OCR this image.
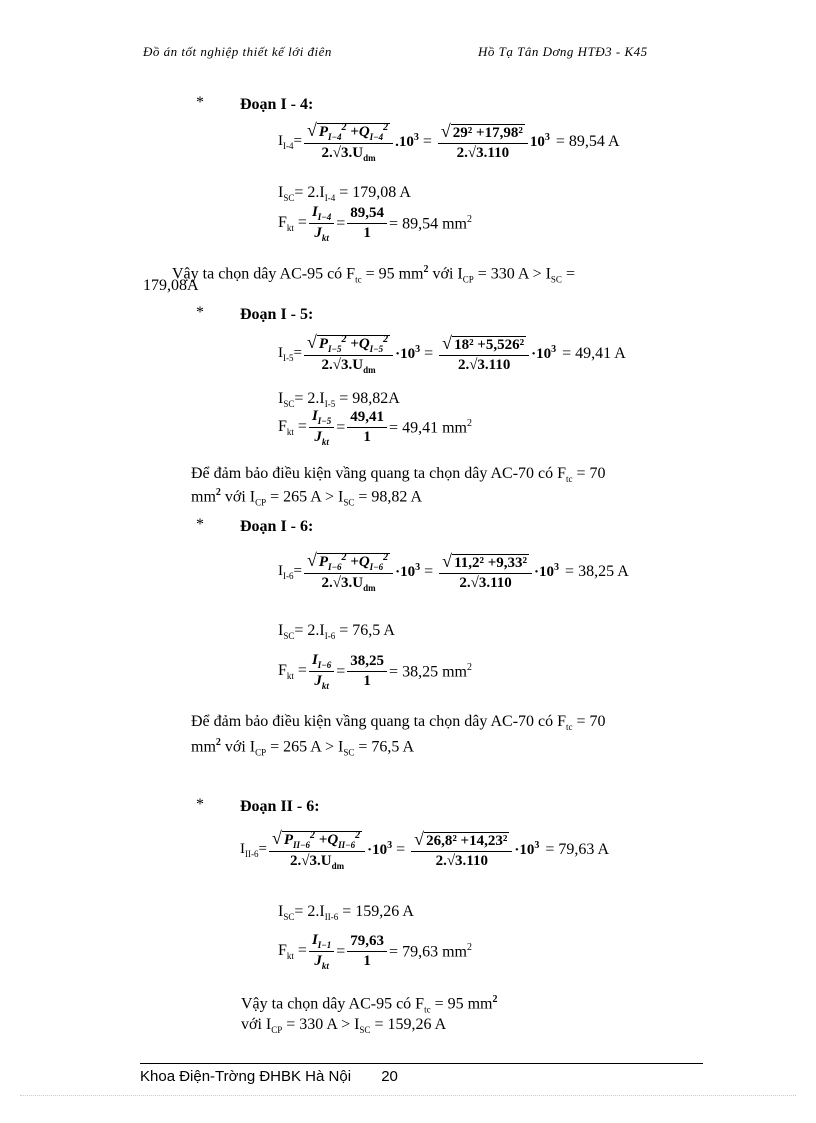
Đồ án tốt nghiệp thiết kế lới điên	Hồ Tạ Tân Dơng HTĐ3 - K45
* Đoạn I - 4:
$I_{I-4}= \frac{√ P_{I-4}^2 +Q_{I-4}^2}{2.√3.U_{dm}} .10^3 = \frac{\text{√ 29² +17,98²}}{2.√3.110} 10^3 = 89,54$ A
$I_{SC}= 2.I_{I-4} = 179,08$ A
$F_{kt} = \frac{I_{I-4}}{J_{kt}} = \frac{89,54}{1} = 89,54$ $mm^2$
Vậy ta chọn dây AC-95 có $F_{tc} = 95$ $mm^2$ với $I_{CP} = 330$ $A > I_{SC}$ =
179,08A
* Đoạn I - 5:
$I_{I-5}= \frac{√ P_{I-5}^2 +Q_{I-5}^2}{2.√3.U_{dm}} \cdot 10^3 = \frac{\text{√ 18² +5,526²}}{2.√3.110} \cdot 10^3 = 49,41$ A
$I_{SC}= 2.I_{I-5} = 98,82A$
$F_{kt} = \frac{I_{I-5}}{J_{kt}} = \frac{49,41}{1} = 49,41$ $mm^2$
Để đảm bảo điều kiện vầng quang ta chọn dây AC-70 có $F_{tc} = 70$
$mm^2$ với $I_{CP} = 265$ $A > I_{SC} = 98,82$ A
* Đoạn I - 6:
$I_{I-6}= \frac{√ P_{I-6}^2 +Q_{I-6}^2}{2.√3.U_{dm}} \cdot 10^3 = \frac{\text{√ 11,2² +9,33²}}{2.√3.110} \cdot 10^3 = 38,25$ A
$I_{SC}= 2.I_{I-6} = 76,5$ A
$F_{kt} = \frac{I_{I-6}}{J_{kt}} = \frac{38,25}{1} = 38,25$ $mm^2$
Để đảm bảo điều kiện vầng quang ta chọn dây AC-70 có $F_{tc} = 70$
$mm^2$ với $I_{CP} = 265$ $A > I_{SC} = 76,5$ A
* Đoạn II - 6:
$I_{II-6}= \frac{√ P_{II-6}^2 +Q_{II-6}^2}{2.√3.U_{dm}} \cdot 10^3 = \frac{\text{√ 26,8² +14,23²}}{2.√3.110} \cdot 10^3 = 79,63$ A
$I_{SC}= 2.I_{II-6} = 159,26$ A
$F_{kt} = \frac{I_{I-1}}{J_{kt}} = \frac{79,63}{1} = 79,63$ $mm^2$
Vậy ta chọn dây AC-95 có $F_{tc} = 95$ $mm^2$
với $I_{CP} = 330$ $A > I_{SC} = 159,26$ A
Khoa Điện-Trờng ĐHBK Hà Nội 20
